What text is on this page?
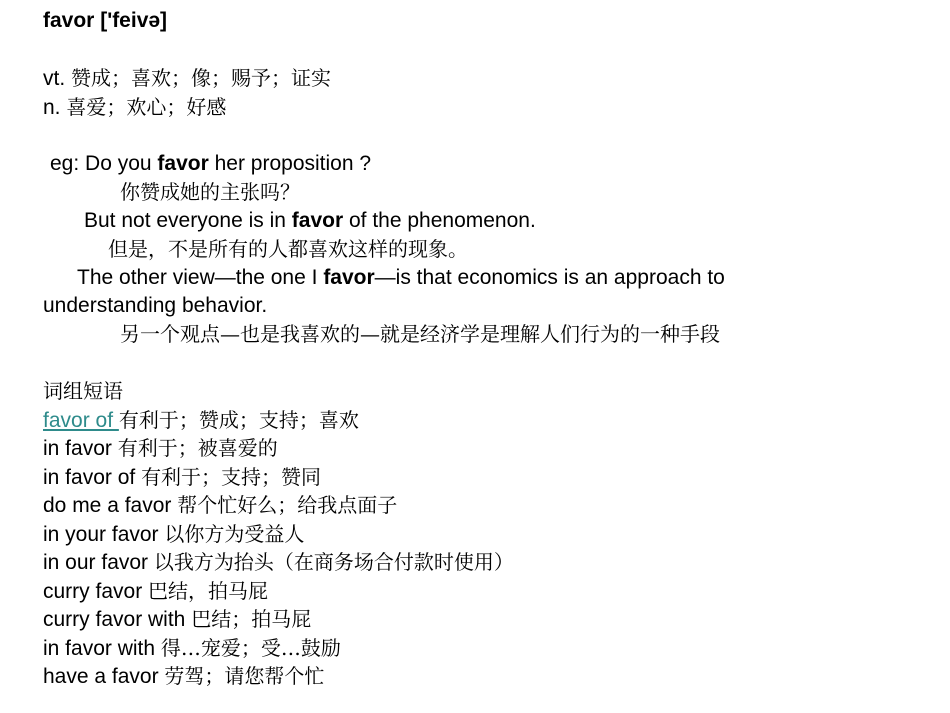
favor ['feivə]
vt. 赞成；喜欢；像；赐予；证实
n. 喜爱；欢心；好感
eg: Do you favor her proposition ?
你赞成她的主张吗？
But not everyone is in favor of the phenomenon.
但是，不是所有的人都喜欢这样的现象。
The other view—the one I favor—is that economics is an approach to
understanding behavior.
另一个观点—也是我喜欢的—就是经济学是理解人们行为的一种手段
词组短语
favor of 有利于；赞成；支持；喜欢
in favor 有利于；被喜爱的
in favor of 有利于；支持；赞同
do me a favor 帮个忙好么；给我点面子
in your favor 以你方为受益人
in our favor 以我方为抬头（在商务场合付款时使用）
curry favor 巴结，拍马屁
curry favor with 巴结；拍马屁
in favor with 得…宠爱；受…鼓励
have a favor 劳驾；请您帮个忙
